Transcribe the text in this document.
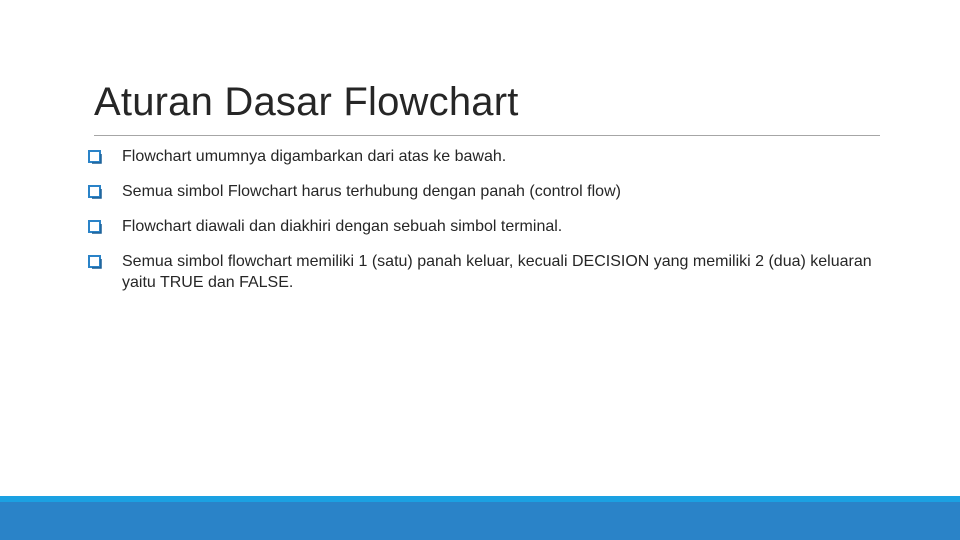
Aturan Dasar Flowchart
Flowchart umumnya digambarkan dari atas ke bawah.
Semua simbol Flowchart harus terhubung dengan panah (control flow)
Flowchart diawali dan diakhiri dengan sebuah simbol terminal.
Semua simbol flowchart memiliki 1 (satu) panah keluar, kecuali DECISION yang memiliki 2 (dua) keluaran yaitu TRUE dan FALSE.
